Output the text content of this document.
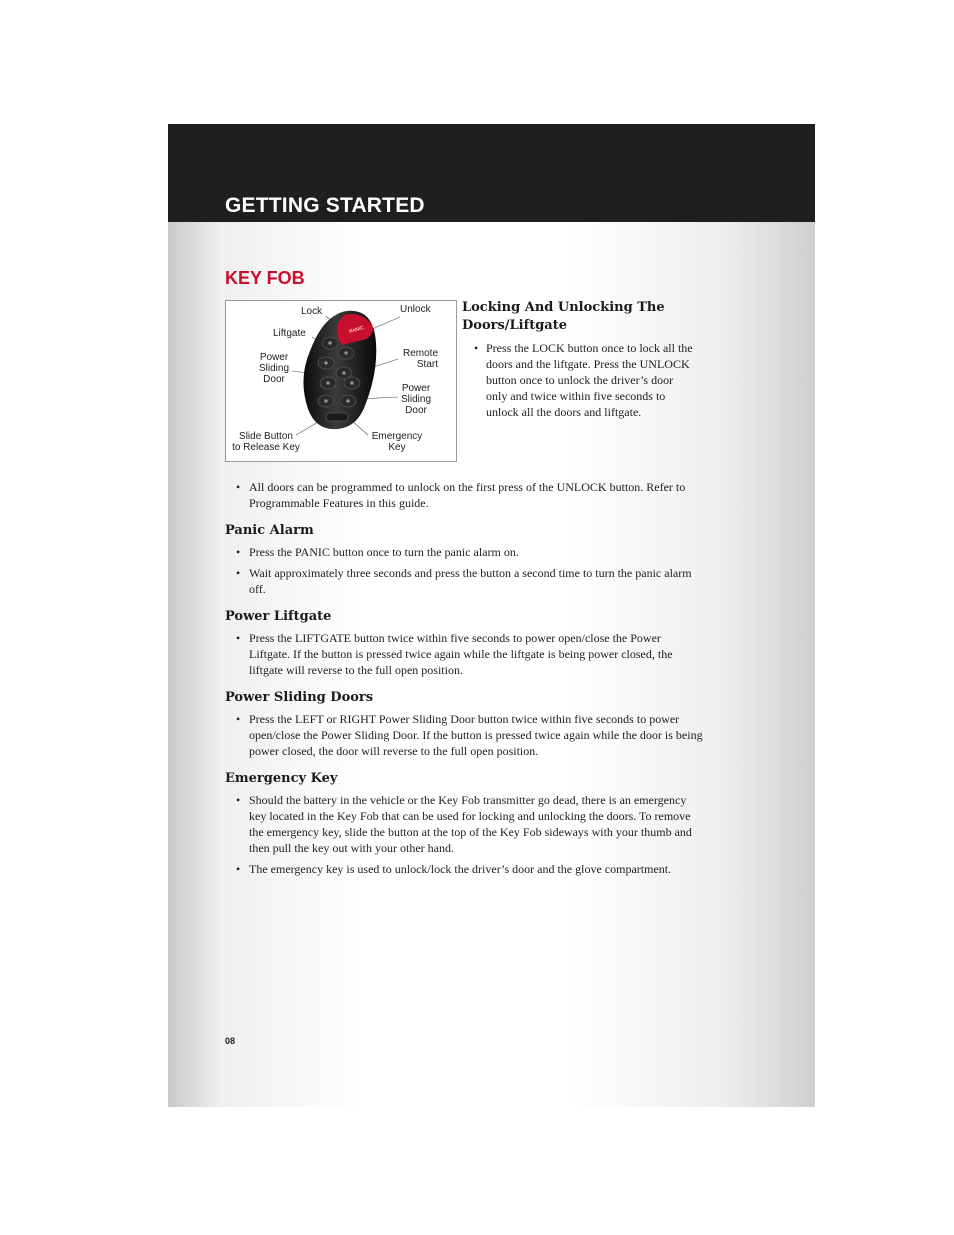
GETTING STARTED
KEY FOB
PANIC
Lock	Unlock
Liftgate
Power
Sliding
Door
Remote
Start
Power
Sliding
Door
Slide Button
to Release Key
Emergency
Key
Locking And Unlocking The
Doors/Liftgate
• Press the LOCK button once to lock all the doors and the liftgate. Press the UNLOCK button once to unlock the driver’s door only and twice within five seconds to unlock all the doors and liftgate.
• All doors can be programmed to unlock on the first press of the UNLOCK button. Refer to Programmable Features in this guide.
Panic Alarm
• Press the PANIC button once to turn the panic alarm on.
• Wait approximately three seconds and press the button a second time to turn the panic alarm off.
Power Liftgate
• Press the LIFTGATE button twice within five seconds to power open/close the Power Liftgate. If the button is pressed twice again while the liftgate is being power closed, the liftgate will reverse to the full open position.
Power Sliding Doors
• Press the LEFT or RIGHT Power Sliding Door button twice within five seconds to power open/close the Power Sliding Door. If the button is pressed twice again while the door is being power closed, the door will reverse to the full open position.
Emergency Key
• Should the battery in the vehicle or the Key Fob transmitter go dead, there is an emergency key located in the Key Fob that can be used for locking and unlocking the doors. To remove the emergency key, slide the button at the top of the Key Fob sideways with your thumb and then pull the key out with your other hand.
• The emergency key is used to unlock/lock the driver’s door and the glove compartment.

08
